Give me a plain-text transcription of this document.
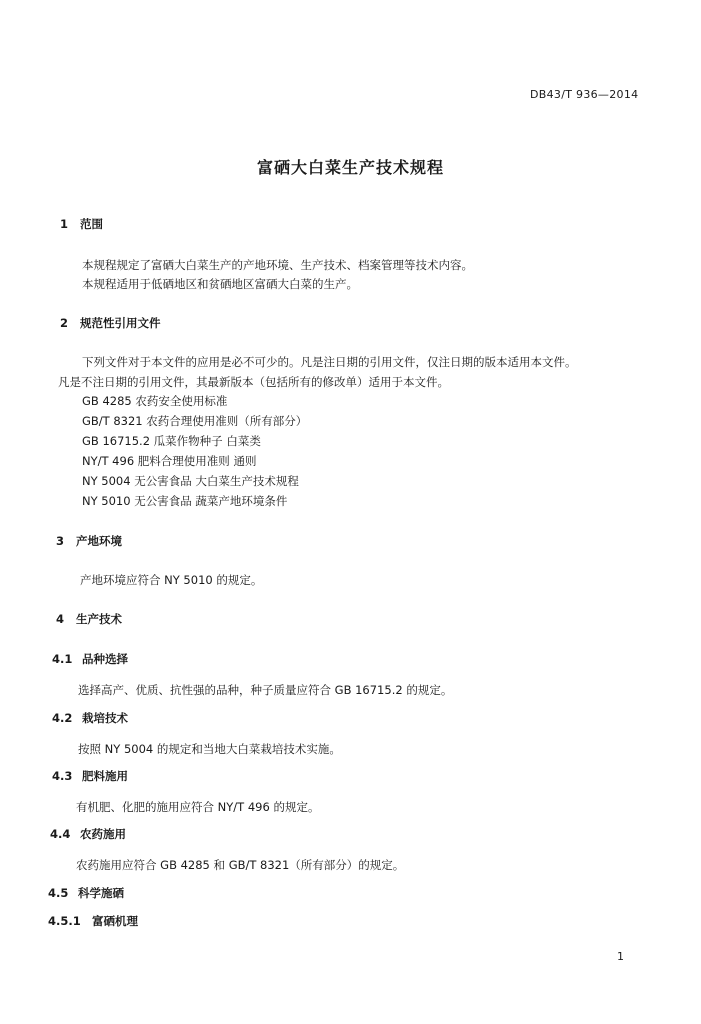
DB43/T 936—2014
富硒大白菜生产技术规程
1 范围
本规程规定了富硒大白菜生产的产地环境、生产技术、档案管理等技术内容。
本规程适用于低硒地区和贫硒地区富硒大白菜的生产。
2 规范性引用文件
下列文件对于本文件的应用是必不可少的。凡是注日期的引用文件，仅注日期的版本适用本文件。
凡是不注日期的引用文件，其最新版本（包括所有的修改单）适用于本文件。
GB 4285 农药安全使用标准
GB/T 8321 农药合理使用准则（所有部分）
GB 16715.2 瓜菜作物种子 白菜类
NY/T 496 肥料合理使用准则 通则
NY 5004 无公害食品 大白菜生产技术规程
NY 5010 无公害食品 蔬菜产地环境条件
3 产地环境
产地环境应符合 NY 5010 的规定。
4 生产技术
4.1 品种选择
选择高产、优质、抗性强的品种，种子质量应符合 GB 16715.2 的规定。
4.2 栽培技术
按照 NY 5004 的规定和当地大白菜栽培技术实施。
4.3 肥料施用
有机肥、化肥的施用应符合 NY/T 496 的规定。
4.4 农药施用
农药施用应符合 GB 4285 和 GB/T 8321（所有部分）的规定。
4.5 科学施硒
4.5.1 富硒机理
1
